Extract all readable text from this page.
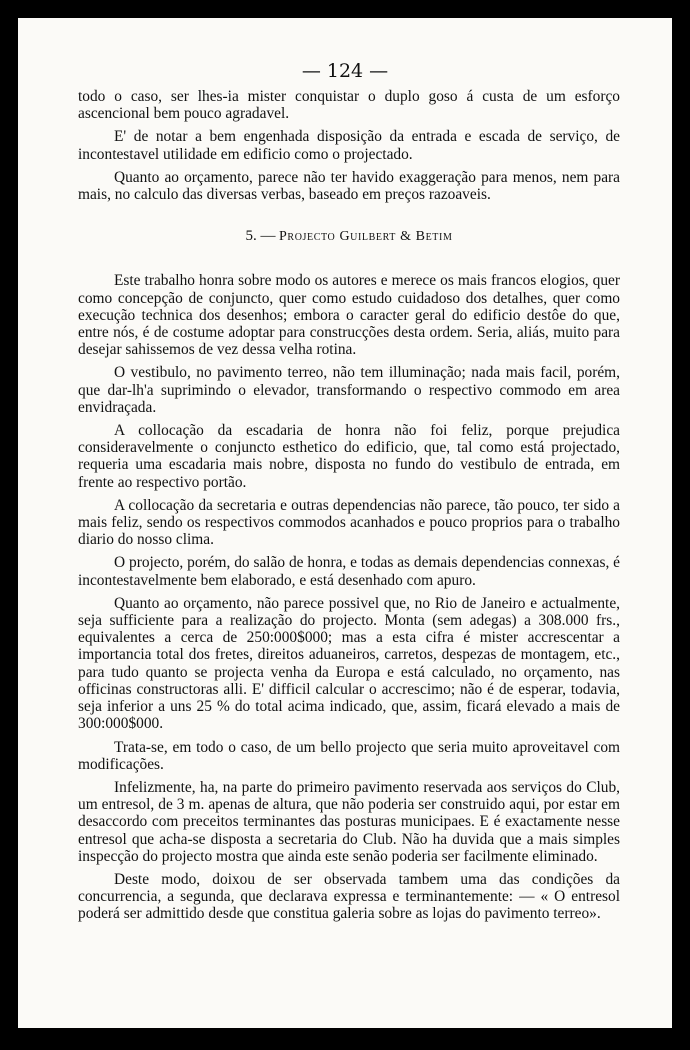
— 124 —

todo o caso, ser lhes-ia mister conquistar o duplo goso á custa de um esforço ascencional bem pouco agradavel.

E' de notar a bem engenhada disposição da entrada e escada de serviço, de incontestavel utilidade em edificio como o projectado.

Quanto ao orçamento, parece não ter havido exaggeração para menos, nem para mais, no calculo das diversas verbas, baseado em preços razoaveis.

5. — Projecto Guilbert & Betim

Este trabalho honra sobre modo os autores e merece os mais francos elogios, quer como concepção de conjuncto, quer como estudo cuidadoso dos detalhes, quer como execução technica dos desenhos; embora o caracter geral do edificio destôe do que, entre nós, é de costume adoptar para construcções desta ordem. Seria, aliás, muito para desejar sahissemos de vez dessa velha rotina.

O vestibulo, no pavimento terreo, não tem illuminação; nada mais facil, porém, que dar-lh'a suprimindo o elevador, transformando o respectivo commodo em area envidraçada.

A collocação da escadaria de honra não foi feliz, porque prejudica consideravelmente o conjuncto esthetico do edificio, que, tal como está projectado, requeria uma escadaria mais nobre, disposta no fundo do vestibulo de entrada, em frente ao respectivo portão.

A collocação da secretaria e outras dependencias não parece, tão pouco, ter sido a mais feliz, sendo os respectivos commodos acanhados e pouco proprios para o trabalho diario do nosso clima.

O projecto, porém, do salão de honra, e todas as demais dependencias connexas, é incontestavelmente bem elaborado, e está desenhado com apuro.

Quanto ao orçamento, não parece possivel que, no Rio de Janeiro e actualmente, seja sufficiente para a realização do projecto. Monta (sem adegas) a 308.000 frs., equivalentes a cerca de 250:000$000; mas a esta cifra é mister accrescentar a importancia total dos fretes, direitos aduaneiros, carretos, despezas de montagem, etc., para tudo quanto se projecta venha da Europa e está calculado, no orçamento, nas officinas constructoras alli. E' difficil calcular o accrescimo; não é de esperar, todavia, seja inferior a uns 25 % do total acima indicado, que, assim, ficará elevado a mais de 300:000$000.

Trata-se, em todo o caso, de um bello projecto que seria muito aproveitavel com modificações.

Infelizmente, ha, na parte do primeiro pavimento reservada aos serviços do Club, um entresol, de 3 m. apenas de altura, que não poderia ser construido aqui, por estar em desaccordo com preceitos terminantes das posturas municipaes. E é exactamente nesse entresol que acha-se disposta a secretaria do Club. Não ha duvida que a mais simples inspecção do projecto mostra que ainda este senão poderia ser facilmente eliminado.

Deste modo, doixou de ser observada tambem uma das condições da concurrencia, a segunda, que declarava expressa e terminantemente: — « O entresol poderá ser admittido desde que constitua galeria sobre as lojas do pavimento terreo».
